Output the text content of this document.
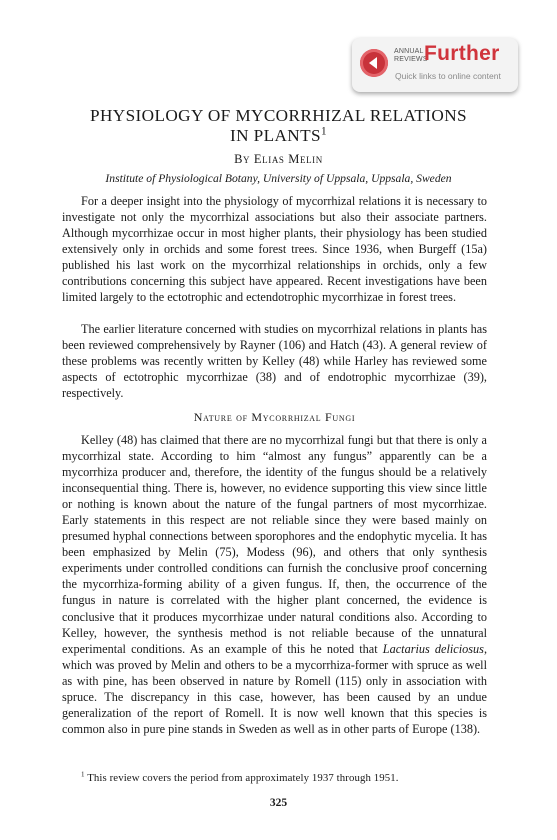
ANNUAL REVIEWS
Further
Quick links to online content
PHYSIOLOGY OF MYCORRHIZAL RELATIONS
IN PLANTS$^1$
By Elias Melin
Institute of Physiological Botany, University of Uppsala, Uppsala, Sweden
For a deeper insight into the physiology of mycorrhizal relations it is necessary to investigate not only the mycorrhizal associations but also their associate partners. Although mycorrhizae occur in most higher plants, their physiology has been studied extensively only in orchids and some forest trees. Since 1936, when Burgeff (15a) published his last work on the mycorrhizal relationships in orchids, only a few contributions concerning this subject have appeared. Recent investigations have been limited largely to the ectotrophic and ectendotrophic mycorrhizae in forest trees.
The earlier literature concerned with studies on mycorrhizal relations in plants has been reviewed comprehensively by Rayner (106) and Hatch (43). A general review of these problems was recently written by Kelley (48) while Harley has reviewed some aspects of ectotrophic mycorrhizae (38) and of endotrophic mycorrhizae (39), respectively.
Nature of Mycorrhizal Fungi
Kelley (48) has claimed that there are no mycorrhizal fungi but that there is only a mycorrhizal state. According to him “almost any fungus” apparently can be a mycorrhiza producer and, therefore, the identity of the fungus should be a relatively inconsequential thing. There is, however, no evidence supporting this view since little or nothing is known about the nature of the fungal partners of most mycorrhizae. Early statements in this respect are not reliable since they were based mainly on presumed hyphal connections between sporophores and the endophytic mycelia. It has been emphasized by Melin (75), Modess (96), and others that only synthesis experiments under controlled conditions can furnish the conclusive proof concerning the mycorrhiza-forming ability of a given fungus. If, then, the occurrence of the fungus in nature is correlated with the higher plant concerned, the evidence is conclusive that it produces mycorrhizae under natural conditions also. According to Kelley, however, the synthesis method is not reliable because of the unnatural experimental conditions. As an example of this he noted that Lactarius deliciosus, which was proved by Melin and others to be a mycorrhiza-former with spruce as well as with pine, has been observed in nature by Romell (115) only in association with spruce. The discrepancy in this case, however, has been caused by an undue generalization of the report of Romell. It is now well known that this species is common also in pure pine stands in Sweden as well as in other parts of Europe (138).
$^1$ This review covers the period from approximately 1937 through 1951.
325
